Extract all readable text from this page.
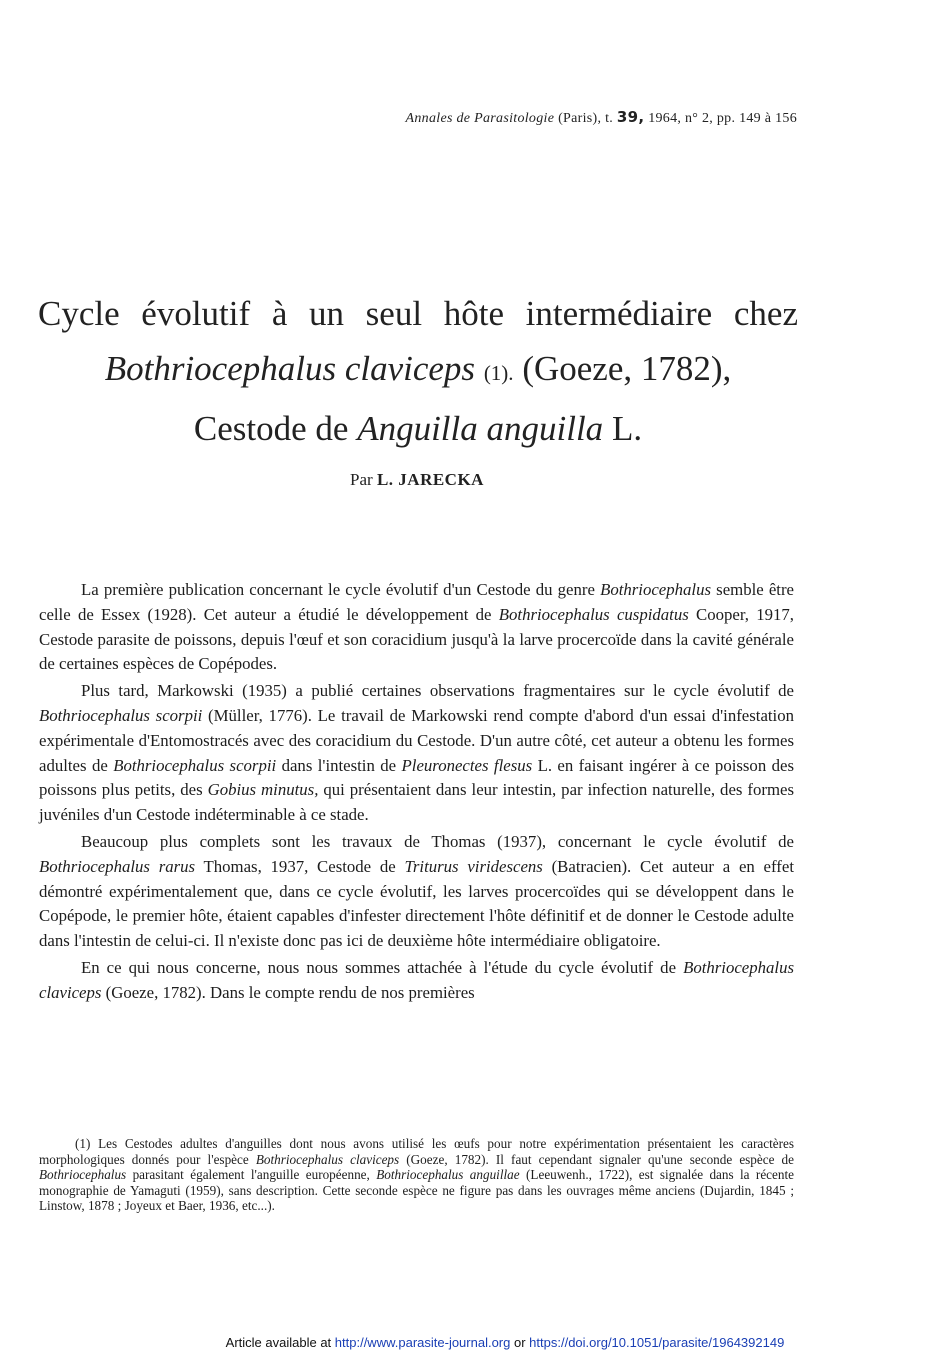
Annales de Parasitologie (Paris), t. 39, 1964, n° 2, pp. 149 à 156
Cycle évolutif à un seul hôte intermédiaire chez
Bothriocephalus claviceps (1). (Goeze, 1782),
Cestode de Anguilla anguilla L.
Par L. JARECKA

La première publication concernant le cycle évolutif d'un Cestode du genre Bothriocephalus semble être celle de Essex (1928). Cet auteur a étudié le développement de Bothriocephalus cuspidatus Cooper, 1917, Cestode parasite de poissons, depuis l'œuf et son coracidium jusqu'à la larve procercoïde dans la cavité générale de certaines espèces de Copépodes.

Plus tard, Markowski (1935) a publié certaines observations fragmentaires sur le cycle évolutif de Bothriocephalus scorpii (Müller, 1776). Le travail de Markowski rend compte d'abord d'un essai d'infestation expérimentale d'Entomostracés avec des coracidium du Cestode. D'un autre côté, cet auteur a obtenu les formes adultes de Bothriocephalus scorpii dans l'intestin de Pleuronectes flesus L. en faisant ingérer à ce poisson des poissons plus petits, des Gobius minutus, qui présentaient dans leur intestin, par infection naturelle, des formes juvéniles d'un Cestode indéterminable à ce stade.

Beaucoup plus complets sont les travaux de Thomas (1937), concernant le cycle évolutif de Bothriocephalus rarus Thomas, 1937, Cestode de Triturus viridescens (Batracien). Cet auteur a en effet démontré expérimentalement que, dans ce cycle évolutif, les larves procercoïdes qui se développent dans le Copépode, le premier hôte, étaient capables d'infester directement l'hôte définitif et de donner le Cestode adulte dans l'intestin de celui-ci. Il n'existe donc pas ici de deuxième hôte intermédiaire obligatoire.

En ce qui nous concerne, nous nous sommes attachée à l'étude du cycle évolutif de Bothriocephalus claviceps (Goeze, 1782). Dans le compte rendu de nos premières

(1) Les Cestodes adultes d'anguilles dont nous avons utilisé les œufs pour notre expérimentation présentaient les caractères morphologiques donnés pour l'espèce Bothriocephalus claviceps (Goeze, 1782). Il faut cependant signaler qu'une seconde espèce de Bothriocephalus parasitant également l'anguille européenne, Bothriocephalus anguillae (Leeuwenh., 1722), est signalée dans la récente monographie de Yamaguti (1959), sans description. Cette seconde espèce ne figure pas dans les ouvrages même anciens (Dujardin, 1845 ; Linstow, 1878 ; Joyeux et Baer, 1936, etc...).
Article available at http://www.parasite-journal.org or https://doi.org/10.1051/parasite/1964392149
